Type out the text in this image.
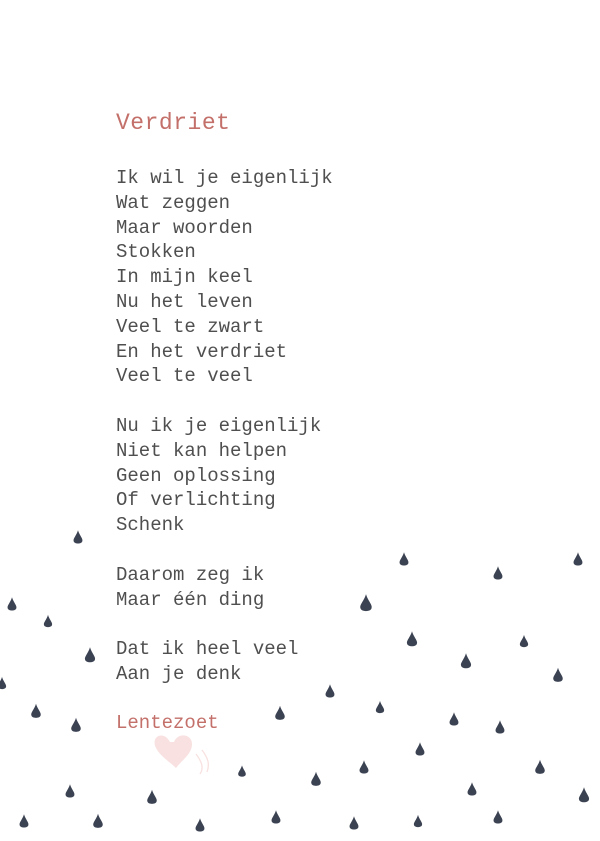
Verdriet
Ik wil je eigenlijk
Wat zeggen
Maar woorden
Stokken
In mijn keel
Nu het leven
Veel te zwart
En het verdriet
Veel te veel
Nu ik je eigenlijk
Niet kan helpen
Geen oplossing
Of verlichting
Schenk
Daarom zeg ik
Maar één ding
Dat ik heel veel
Aan je denk
Lentezoet
